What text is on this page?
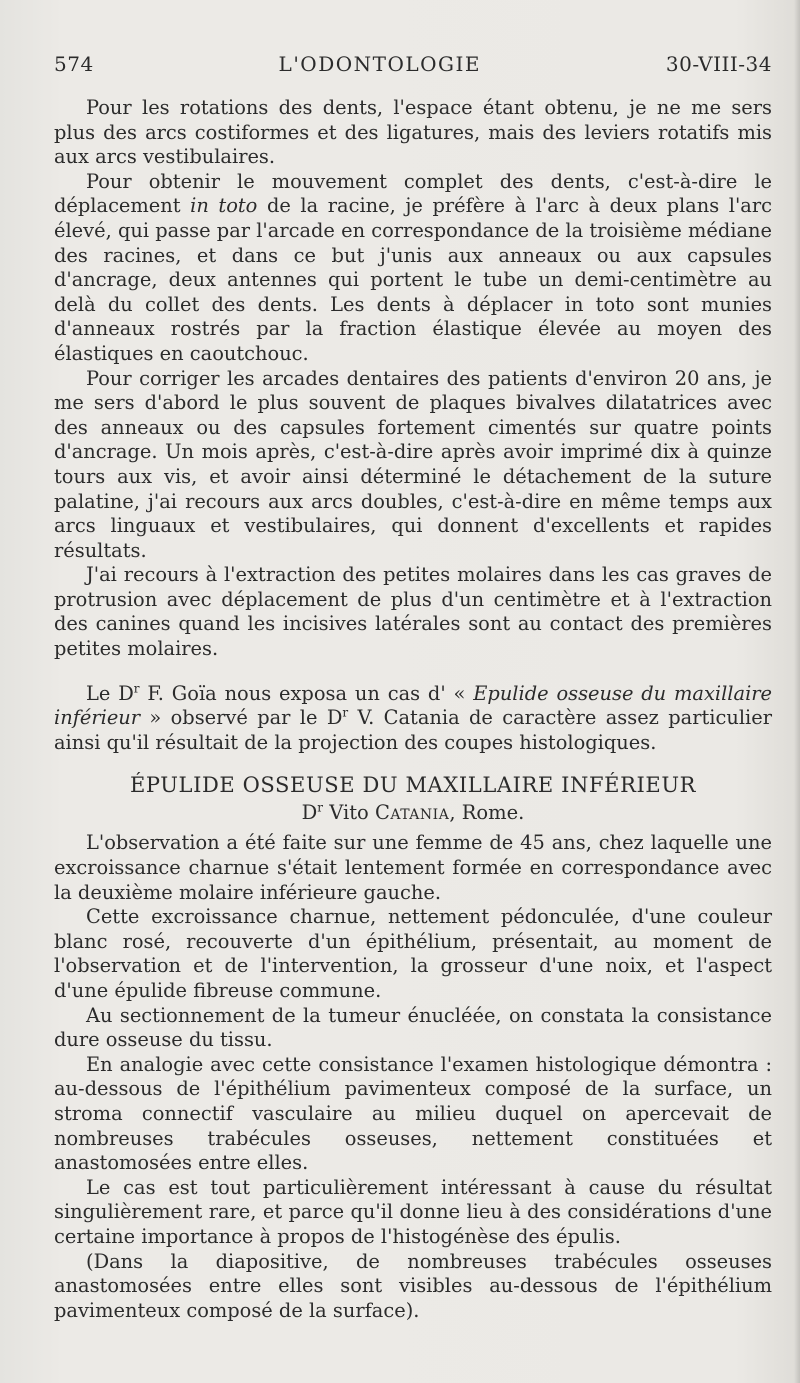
574	L'ODONTOLOGIE	30-VIII-34

Pour les rotations des dents, l'espace étant obtenu, je ne me sers plus des arcs costiformes et des ligatures, mais des leviers rotatifs mis aux arcs vestibulaires.

Pour obtenir le mouvement complet des dents, c'est-à-dire le déplacement in toto de la racine, je préfère à l'arc à deux plans l'arc élevé, qui passe par l'arcade en correspondance de la troisième médiane des racines, et dans ce but j'unis aux anneaux ou aux capsules d'ancrage, deux antennes qui portent le tube un demi-centimètre au delà du collet des dents. Les dents à déplacer in toto sont munies d'anneaux rostrés par la fraction élastique élevée au moyen des élastiques en caoutchouc.

Pour corriger les arcades dentaires des patients d'environ 20 ans, je me sers d'abord le plus souvent de plaques bivalves dilatatrices avec des anneaux ou des capsules fortement cimentés sur quatre points d'ancrage. Un mois après, c'est-à-dire après avoir imprimé dix à quinze tours aux vis, et avoir ainsi déterminé le détachement de la suture palatine, j'ai recours aux arcs doubles, c'est-à-dire en même temps aux arcs linguaux et vestibulaires, qui donnent d'excellents et rapides résultats.

J'ai recours à l'extraction des petites molaires dans les cas graves de protrusion avec déplacement de plus d'un centimètre et à l'extraction des canines quand les incisives latérales sont au contact des premières petites molaires.

Le $D^r$ F. Goïa nous exposa un cas d' « Epulide osseuse du maxillaire inférieur » observé par le $D^r$ V. Catania de caractère assez particulier ainsi qu'il résultait de la projection des coupes histologiques.

ÉPULIDE OSSEUSE DU MAXILLAIRE INFÉRIEUR
$D^r$ Vito Catania, Rome.

L'observation a été faite sur une femme de 45 ans, chez laquelle une excroissance charnue s'était lentement formée en correspondance avec la deuxième molaire inférieure gauche.

Cette excroissance charnue, nettement pédonculée, d'une couleur blanc rosé, recouverte d'un épithélium, présentait, au moment de l'observation et de l'intervention, la grosseur d'une noix, et l'aspect d'une épulide fibreuse commune.

Au sectionnement de la tumeur énucléée, on constata la consistance dure osseuse du tissu.

En analogie avec cette consistance l'examen histologique démontra : au-dessous de l'épithélium pavimenteux composé de la surface, un stroma connectif vasculaire au milieu duquel on apercevait de nombreuses trabécules osseuses, nettement constituées et anastomosées entre elles.

Le cas est tout particulièrement intéressant à cause du résultat singulièrement rare, et parce qu'il donne lieu à des considérations d'une certaine importance à propos de l'histogénèse des épulis.

(Dans la diapositive, de nombreuses trabécules osseuses anastomosées entre elles sont visibles au-dessous de l'épithélium pavimenteux composé de la surface).
